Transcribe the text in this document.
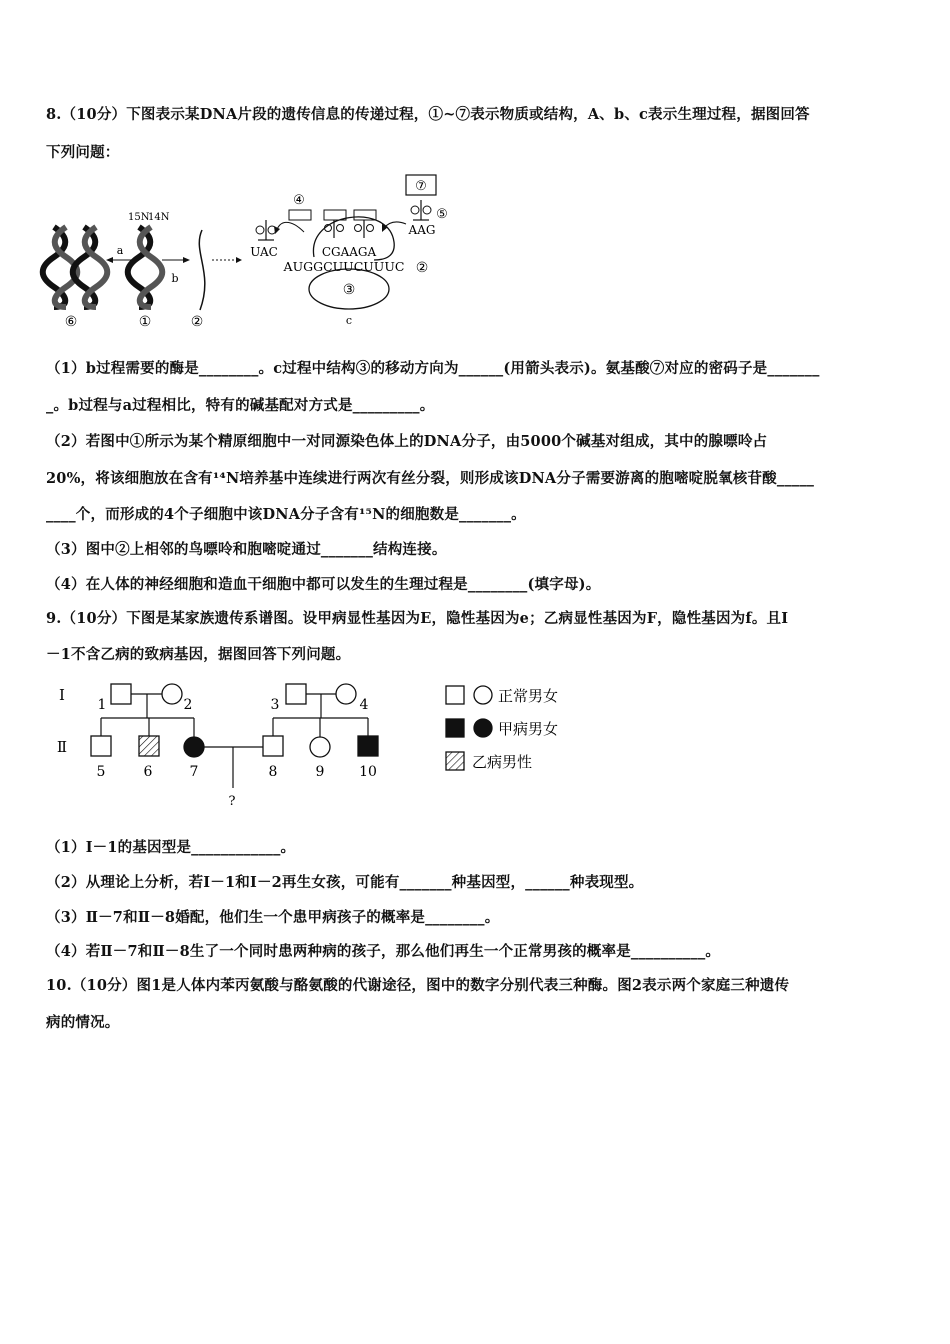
8.（10分）下图表示某DNA片段的遗传信息的传递过程，①~⑦表示物质或结构，A、b、c表示生理过程，据图回答
下列问题：
⑥
a
15N
14N
①
b
②
⑦
④
③
c
UAC	CGAAGA
AUGGCUUCUUUC ②
⑤
AAG
（1）b过程需要的酶是________。c过程中结构③的移动方向为______(用箭头表示)。氨基酸⑦对应的密码子是_______
_。b过程与a过程相比，特有的碱基配对方式是_________。
（2）若图中①所示为某个精原细胞中一对同源染色体上的DNA分子，由5000个碱基对组成，其中的腺嘌呤占
20%，将该细胞放在含有¹⁴N培养基中连续进行两次有丝分裂，则形成该DNA分子需要游离的胞嘧啶脱氧核苷酸_____
____个，而形成的4个子细胞中该DNA分子含有¹⁵N的细胞数是_______。
（3）图中②上相邻的鸟嘌呤和胞嘧啶通过_______结构连接。
（4）在人体的神经细胞和造血干细胞中都可以发生的生理过程是________(填字母)。
9.（10分）下图是某家族遗传系谱图。设甲病显性基因为E，隐性基因为e；乙病显性基因为F，隐性基因为f。且Ⅰ
－1不含乙病的致病基因，据图回答下列问题。
Ⅰ
Ⅱ
1	2	3	4
5	6	7	8	9 10
?
正常男女
甲病男女
乙病男性
（1）Ⅰ－1的基因型是____________。
（2）从理论上分析，若Ⅰ－1和Ⅰ－2再生女孩，可能有_______种基因型，______种表现型。
（3）Ⅱ－7和Ⅱ－8婚配，他们生一个患甲病孩子的概率是________。
（4）若Ⅱ－7和Ⅱ－8生了一个同时患两种病的孩子，那么他们再生一个正常男孩的概率是__________。
10.（10分）图1是人体内苯丙氨酸与酪氨酸的代谢途径，图中的数字分别代表三种酶。图2表示两个家庭三种遗传
病的情况。
